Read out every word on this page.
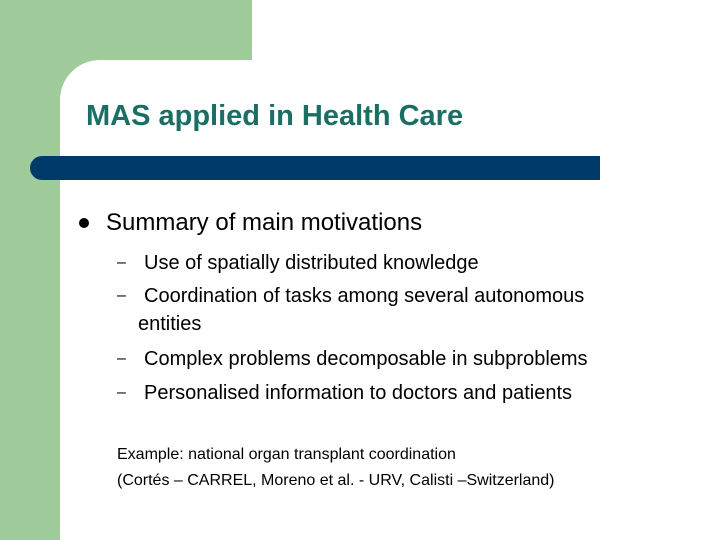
MAS applied in Health Care
Summary of main motivations
– Use of spatially distributed knowledge
– Coordination of tasks among several autonomous
entities
– Complex problems decomposable in subproblems
– Personalised information to doctors and patients
Example: national organ transplant coordination
(Cortés – CARREL, Moreno et al. - URV, Calisti –Switzerland)
